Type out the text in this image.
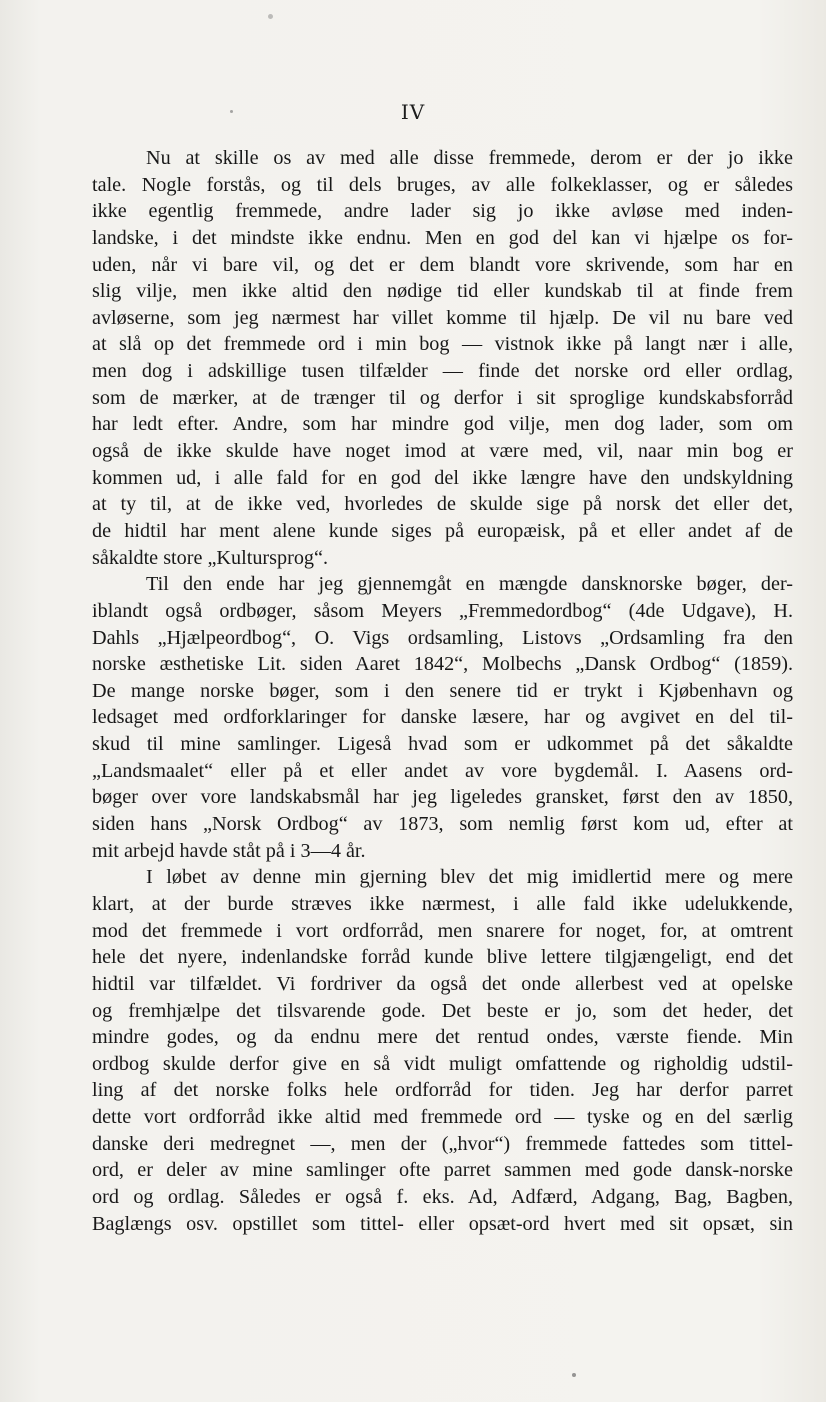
IV
Nu at skille os av med alle disse fremmede, derom er der jo ikke
tale. Nogle forstås, og til dels bruges, av alle folkeklasser, og er således
ikke egentlig fremmede, andre lader sig jo ikke avløse med inden-
landske, i det mindste ikke endnu. Men en god del kan vi hjælpe os for-
uden, når vi bare vil, og det er dem blandt vore skrivende, som har en
slig vilje, men ikke altid den nødige tid eller kundskab til at finde frem
avløserne, som jeg nærmest har villet komme til hjælp. De vil nu bare ved
at slå op det fremmede ord i min bog — vistnok ikke på langt nær i alle,
men dog i adskillige tusen tilfælder — finde det norske ord eller ordlag,
som de mærker, at de trænger til og derfor i sit sproglige kundskabsforråd
har ledt efter. Andre, som har mindre god vilje, men dog lader, som om
også de ikke skulde have noget imod at være med, vil, naar min bog er
kommen ud, i alle fald for en god del ikke længre have den undskyldning
at ty til, at de ikke ved, hvorledes de skulde sige på norsk det eller det,
de hidtil har ment alene kunde siges på europæisk, på et eller andet af de
såkaldte store „Kultursprog“.
Til den ende har jeg gjennemgåt en mængde dansknorske bøger, der-
iblandt også ordbøger, såsom Meyers „Fremmedordbog“ (4de Udgave), H.
Dahls „Hjælpeordbog“, O. Vigs ordsamling, Listovs „Ordsamling fra den
norske æsthetiske Lit. siden Aaret 1842“, Molbechs „Dansk Ordbog“ (1859).
De mange norske bøger, som i den senere tid er trykt i Kjøbenhavn og
ledsaget med ordforklaringer for danske læsere, har og avgivet en del til-
skud til mine samlinger. Ligeså hvad som er udkommet på det såkaldte
„Landsmaalet“ eller på et eller andet av vore bygdemål. I. Aasens ord-
bøger over vore landskabsmål har jeg ligeledes gransket, først den av 1850,
siden hans „Norsk Ordbog“ av 1873, som nemlig først kom ud, efter at
mit arbejd havde ståt på i 3—4 år.
I løbet av denne min gjerning blev det mig imidlertid mere og mere
klart, at der burde stræves ikke nærmest, i alle fald ikke udelukkende,
mod det fremmede i vort ordforråd, men snarere for noget, for, at omtrent
hele det nyere, indenlandske forråd kunde blive lettere tilgjængeligt, end det
hidtil var tilfældet. Vi fordriver da også det onde allerbest ved at opelske
og fremhjælpe det tilsvarende gode. Det beste er jo, som det heder, det
mindre godes, og da endnu mere det rentud ondes, værste fiende. Min
ordbog skulde derfor give en så vidt muligt omfattende og righoldig udstil-
ling af det norske folks hele ordforråd for tiden. Jeg har derfor parret
dette vort ordforråd ikke altid med fremmede ord — tyske og en del særlig
danske deri medregnet —, men der („hvor“) fremmede fattedes som tittel-
ord, er deler av mine samlinger ofte parret sammen med gode dansk-norske
ord og ordlag. Således er også f. eks. Ad, Adfærd, Adgang, Bag, Bagben,
Baglængs osv. opstillet som tittel- eller opsæt-ord hvert med sit opsæt, sin
